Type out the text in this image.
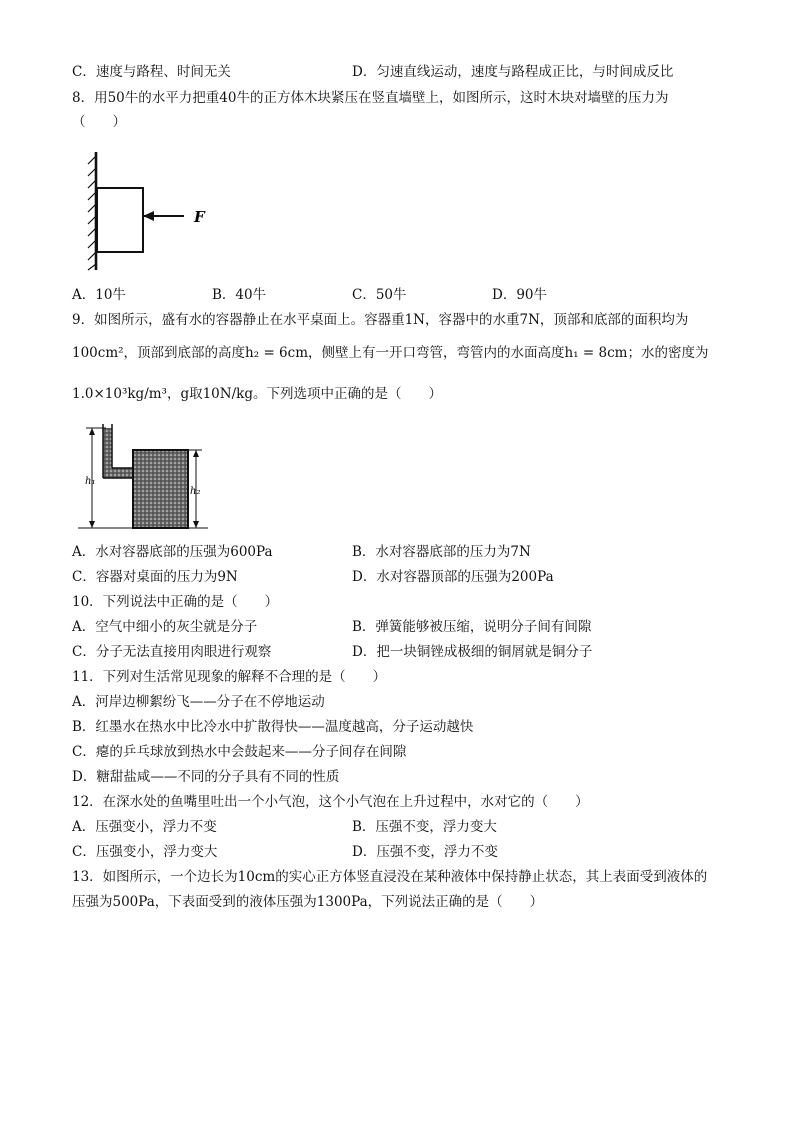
C．速度与路程、时间无关	D．匀速直线运动，速度与路程成正比，与时间成反比
8．用50牛的水平力把重40牛的正方体木块紧压在竖直墙壁上，如图所示，这时木块对墙壁的压力为
（　　）
F
A．10牛	B．40牛	C．50牛	D．90牛
9．如图所示，盛有水的容器静止在水平桌面上。容器重1N，容器中的水重7N，顶部和底部的面积均为
100cm²，顶部到底部的高度h₂ = 6cm，侧壁上有一开口弯管，弯管内的水面高度h₁ = 8cm；水的密度为
1.0×10³kg/m³，g取10N/kg。下列选项中正确的是（　　）
h₁
h₂
A．水对容器底部的压强为600Pa	B．水对容器底部的压力为7N
C．容器对桌面的压力为9N	D．水对容器顶部的压强为200Pa
10．下列说法中正确的是（　　）
A．空气中细小的灰尘就是分子	B．弹簧能够被压缩，说明分子间有间隙
C．分子无法直接用肉眼进行观察	D．把一块铜锉成极细的铜屑就是铜分子
11．下列对生活常见现象的解释不合理的是（　　）
A．河岸边柳絮纷飞——分子在不停地运动
B．红墨水在热水中比冷水中扩散得快——温度越高，分子运动越快
C．瘪的乒乓球放到热水中会鼓起来——分子间存在间隙
D．糖甜盐咸——不同的分子具有不同的性质
12．在深水处的鱼嘴里吐出一个小气泡，这个小气泡在上升过程中，水对它的（　　）
A．压强变小，浮力不变	B．压强不变，浮力变大
C．压强变小，浮力变大	D．压强不变，浮力不变
13．如图所示，一个边长为10cm的实心正方体竖直浸没在某种液体中保持静止状态，其上表面受到液体的
压强为500Pa，下表面受到的液体压强为1300Pa，下列说法正确的是（　　）
